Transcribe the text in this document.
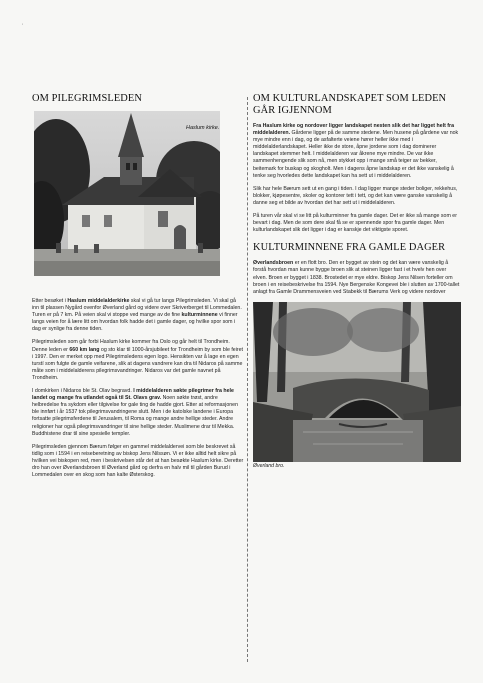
'
OM PILEGRIMSLEDEN
Haslum kirke.

Etter besøket i Haslum middelalderkirke skal vi gå tur langs Pilegrimsleden. Vi skal gå inn til plassen Nygård ovenfor Øverland gård og videre over Skriverberget til Lommedalen. Turen er på 7 km. På veien skal vi stoppe ved mange av de fine kulturminnene vi finner langs veien for å lære litt om hvordan folk hadde det i gamle dager, og hvilke spor som i dag er synlige fra denne tiden.

Pilegrimsleden som går forbi Haslum kirke kommer fra Oslo og går helt til Trondheim. Denne leden er 660 km lang og sto klar til 1000-årsjubileet for Trondheim by som ble feiret i 1997. Den er merket opp med Pilegrimsledens egen logo. Hensikten var å lage en egen turstí som fulgte de gamle veifarene, slik at dagens vandrere kan dra til Nidaros på samme måte som i middelalderens pilegrimsvandringer. Nidaros var det gamle navnet på Trondheim.

I domkirken i Nidaros ble St. Olav begravd. I middelalderen søkte pilegrimer fra hele landet og mange fra utlandet også til St. Olavs grav. Noen søkte trøst, andre helbredelse fra sykdom eller tilgivelse for gale ting de hadde gjort. Etter at reformasjonen ble innført i år 1537 tok pilegrimsvandringene slutt. Men i de katolske landene i Europa fortsatte pilegrimsferdene til Jerusalem, til Roma og mange andre hellige steder. Andre religioner har også pilegrimsvandringer til sine hellige steder. Muslimene drar til Mekka. Buddhistene drar til sine spesielle templer.

Pilegrimsleden gjennom Bærum følger en gammel middelaldervei som ble beskrevet så tidlig som i 1594 i en reiseberetning av biskop Jens Nilssøn. Vi er ikke alltid helt sikre på hvilken vei biskopen red, men i beskrivelsen står det at han besøkte Haslum kirke. Deretter dro han over Øverlandsbroen til Øverland gård og derfra en halv mil til gården Burud i Lommedalen over en skog som han kalte Østerskog.

OM KULTURLANDSKAPET SOM LEDEN GÅR IGJENNOM

Fra Haslum kirke og nordover ligger landskapet nesten slik det har ligget helt fra middelalderen. Gårdene ligger på de samme stedene. Men husene på gårdene var nok mye mindre enn i dag, og de asfalterte veiene hører heller ikke med i middelalderlandskapet. Heller ikke de store, åpne jordene som i dag dominerer landskapet stemmer helt. I middelalderen var åkrene mye mindre. De var ikke sammenhengende slik som nå, men stykket opp i mange små teiger av bekker, beitemark for buskap og skogholt. Men i dagens åpne landskap er det ikke vanskelig å tenke seg hvorledes dette landskapet kan ha sett ut i middelalderen.

Slik har hele Bærum sett ut en gang i tiden. I dag ligger mange steder boliger, rekkehus, blokker, kjøpesentre, skoler og kontorer tett i tett, og det kan være ganske vanskelig å danne seg et bilde av hvordan det har sett ut i middelalderen.

På turen vår skal vi se litt på kulturminner fra gamle dager. Det er ikke så mange som er bevart i dag. Men de som dere skal få se er spennende spor fra gamle dager. Men kulturlandskapet slik det ligger i dag er kanskje det viktigste sporet.

KULTURMINNENE FRA GAMLE DAGER

Øverlandsbroen er en flott bro. Den er bygget av stein og det kan være vanskelig å forstå hvordan man kunne bygge broen slik at steinen ligger fast i et hvelv hen over elven. Broen er bygget i 1838. Brostedet er mye eldre. Biskop Jens Nilsen forteller om broen i en reisebeskrivelse fra 1594. Nye Bergenske Kongevei ble i slutten av 1700-tallet anlagt fra Gamle Drammensveien ved Stabekk til Bærums Verk og videre nordover

Øverland bro.
